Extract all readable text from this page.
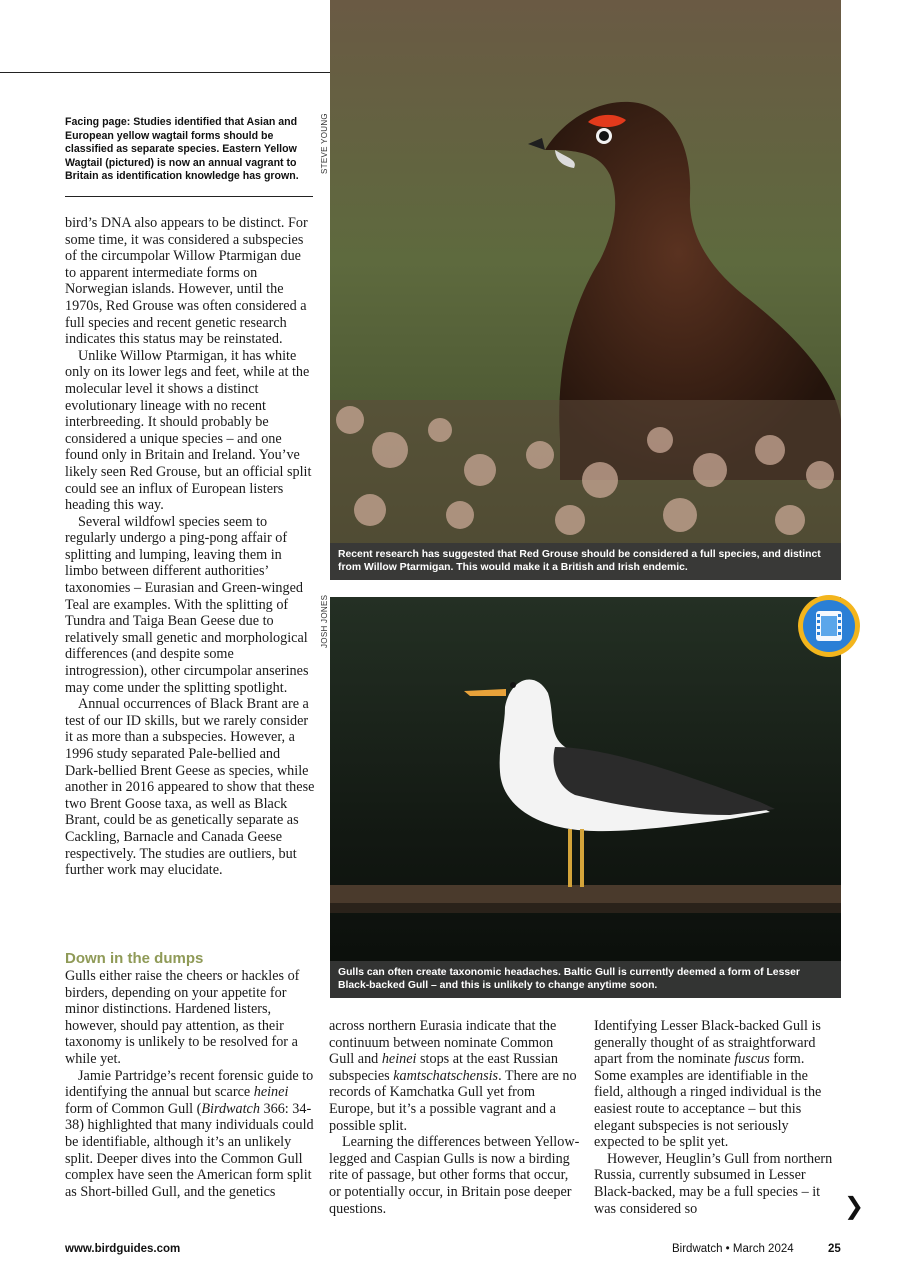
Facing page: Studies identified that Asian and European yellow wagtail forms should be classified as separate species. Eastern Yellow Wagtail (pictured) is now an annual vagrant to Britain as identification knowledge has grown.
STEVE YOUNG
JOSH JONES

bird’s DNA also appears to be distinct. For some time, it was considered a subspecies of the circumpolar Willow Ptarmigan due to apparent intermediate forms on Norwegian islands. However, until the 1970s, Red Grouse was often considered a full species and recent genetic research indicates this status may be reinstated.

Unlike Willow Ptarmigan, it has white only on its lower legs and feet, while at the molecular level it shows a distinct evolutionary lineage with no recent interbreeding. It should probably be considered a unique species – and one found only in Britain and Ireland. You’ve likely seen Red Grouse, but an official split could see an influx of European listers heading this way.

Several wildfowl species seem to regularly undergo a ping-pong affair of splitting and lumping, leaving them in limbo between different authorities’ taxonomies – Eurasian and Green-winged Teal are examples. With the splitting of Tundra and Taiga Bean Geese due to relatively small genetic and morphological differences (and despite some introgression), other circumpolar anserines may come under the splitting spotlight.

Annual occurrences of Black Brant are a test of our ID skills, but we rarely consider it as more than a subspecies. However, a 1996 study separated Pale-bellied and Dark-bellied Brent Geese as species, while another in 2016 appeared to show that these two Brent Goose taxa, as well as Black Brant, could be as genetically separate as Cackling, Barnacle and Canada Geese respectively. The studies are outliers, but further work may elucidate.

Down in the dumps

Gulls either raise the cheers or hackles of birders, depending on your appetite for minor distinctions. Hardened listers, however, should pay attention, as their taxonomy is unlikely to be resolved for a while yet.

Jamie Partridge’s recent forensic guide to identifying the annual but scarce heinei form of Common Gull (Birdwatch 366: 34-38) highlighted that many individuals could be identifiable, although it’s an unlikely split. Deeper dives into the Common Gull complex have seen the American form split as Short-billed Gull, and the genetics

across northern Eurasia indicate that the continuum between nominate Common Gull and heinei stops at the east Russian subspecies kamtschatschensis. There are no records of Kamchatka Gull yet from Europe, but it’s a possible vagrant and a possible split.

Learning the differences between Yellow-legged and Caspian Gulls is now a birding rite of passage, but other forms that occur, or potentially occur, in Britain pose deeper questions.

Identifying Lesser Black-backed Gull is generally thought of as straightforward apart from the nominate fuscus form. Some examples are identifiable in the field, although a ringed individual is the easiest route to acceptance – but this elegant subspecies is not seriously expected to be split yet.

However, Heuglin’s Gull from northern Russia, currently subsumed in Lesser Black-backed, may be a full species – it was considered so

Recent research has suggested that Red Grouse should be considered a full species, and distinct from Willow Ptarmigan. This would make it a British and Irish endemic.
Gulls can often create taxonomic headaches. Baltic Gull is currently deemed a form of Lesser Black-backed Gull – and this is unlikely to change anytime soon.
❯
www.birdguides.com	Birdwatch • March 2024	25
